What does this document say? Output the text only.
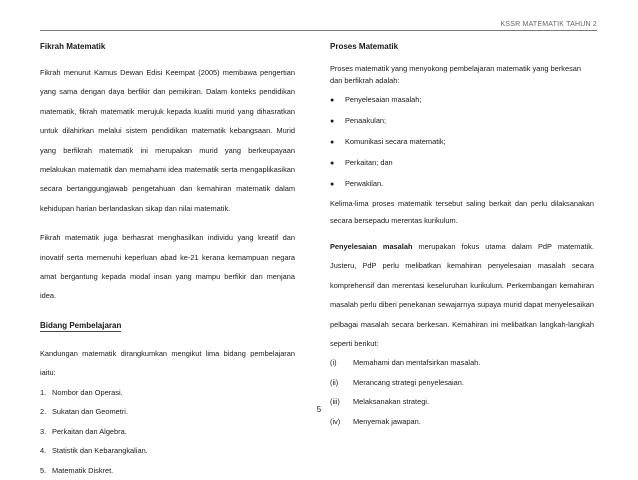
KSSR MATEMATIK TAHUN 2
Fikrah Matematik

Fikrah menurut Kamus Dewan Edisi Keempat (2005) membawa pengertian yang sama dengan daya berfikir dan pemikiran. Dalam konteks pendidikan matematik, fikrah matematik merujuk kepada kualiti murid yang dihasratkan untuk dilahirkan melalui sistem pendidikan matematik kebangsaan. Murid yang berfikrah matematik ini merupakan murid yang berkeupayaan melakukan matematik dan memahami idea matematik serta mengaplikasikan secara bertanggungjawab pengetahuan dan kemahiran matematik dalam kehidupan harian berlandaskan sikap dan nilai matematik.

Fikrah matematik juga berhasrat menghasilkan individu yang kreatif dan inovatif serta memenuhi keperluan abad ke-21 kerana kemampuan negara amat bergantung kepada modal insan yang mampu berfikir dan menjana idea.

Bidang Pembelajaran

Kandungan matematik dirangkumkan mengikut lima bidang pembelajaran iaitu:

1. Nombor dan Operasi.
2. Sukatan dan Geometri.
3. Perkaitan dan Algebra.
4. Statistik dan Kebarangkalian.
5. Matematik Diskret.
Proses Matematik

Proses matematik yang menyokong pembelajaran matematik yang berkesan dan berfikrah adalah:

● Penyelesaian masalah;
● Penaakulan;
● Komunikasi secara matematik;
● Perkaitan; dan
● Perwakilan.

Kelima-lima proses matematik tersebut saling berkait dan perlu dilaksanakan secara bersepadu merentas kurikulum.

Penyelesaian masalah merupakan fokus utama dalam PdP matematik. Justeru, PdP perlu melibatkan kemahiran penyelesaian masalah secara komprehensif dan merentasi keseluruhan kurikulum. Perkembangan kemahiran masalah perlu diberi penekanan sewajarnya supaya murid dapat menyelesaikan pelbagai masalah secara berkesan. Kemahiran ini melibatkan langkah-langkah seperti berikut:

(i) Memahami dan mentafsirkan masalah.
(ii) Merancang strategi penyelesaian.
(iii) Melaksanakan strategi.
(iv) Menyemak jawapan.
5
